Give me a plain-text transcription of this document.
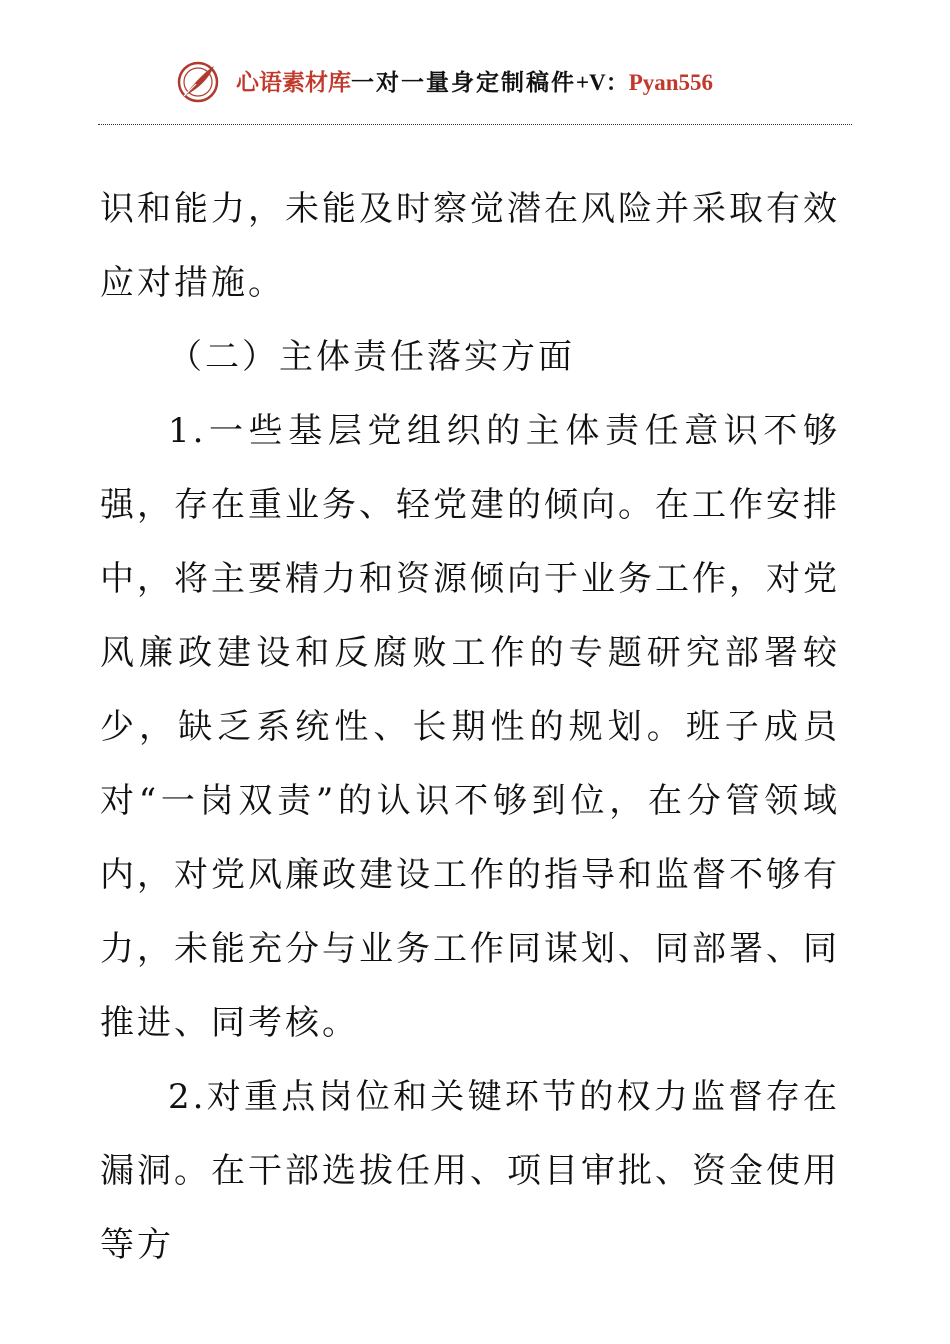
心语素材库一对一量身定制稿件+V：Pyan556

识和能力，未能及时察觉潜在风险并采取有效应对措施。

（二）主体责任落实方面

1.一些基层党组织的主体责任意识不够强，存在重业务、轻党建的倾向。在工作安排中，将主要精力和资源倾向于业务工作，对党风廉政建设和反腐败工作的专题研究部署较少，缺乏系统性、长期性的规划。班子成员对“一岗双责”的认识不够到位，在分管领域内，对党风廉政建设工作的指导和监督不够有力，未能充分与业务工作同谋划、同部署、同推进、同考核。

2.对重点岗位和关键环节的权力监督存在漏洞。在干部选拔任用、项目审批、资金使用等方
